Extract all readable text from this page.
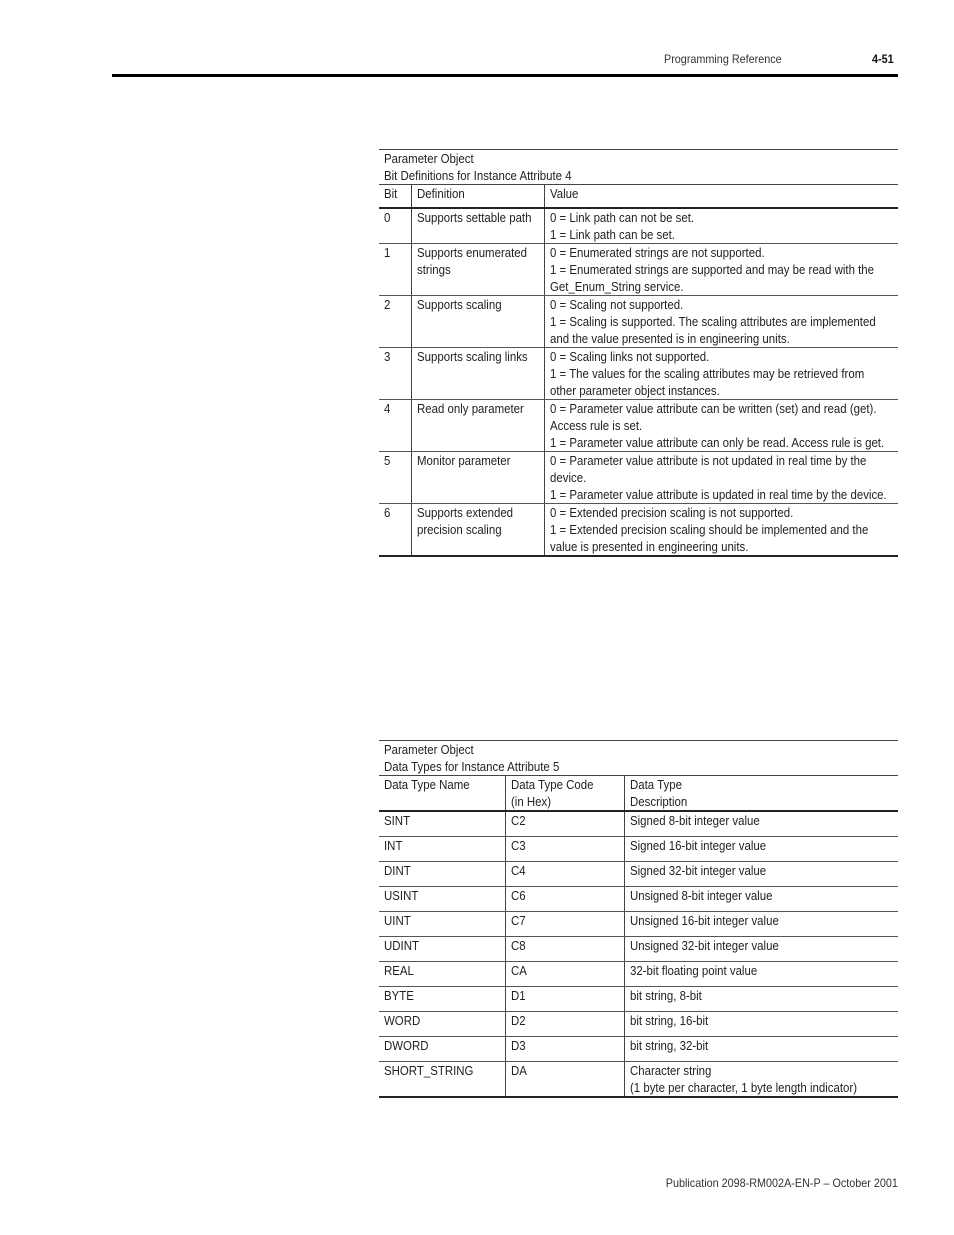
Programming Reference	4-51
Parameter Object Bit Definitions for Instance Attribute 4		
Bit	Definition	Value
0	Supports settable path	0 = Link path can not be set.1 = Link path can be set.
1	Supports enumerated strings	0 = Enumerated strings are not supported.1 = Enumerated strings are supported and may be read with the Get_Enum_String service.
2	Supports scaling	0 = Scaling not supported.1 = Scaling is supported. The scaling attributes are implemented and the value presented is in engineering units.
3	Supports scaling links	0 = Scaling links not supported.1 = The values for the scaling attributes may be retrieved from other parameter object instances.
4	Read only parameter	0 = Parameter value attribute can be written (set) and read (get). Access rule is set.1 = Parameter value attribute can only be read. Access rule is get.
5	Monitor parameter	0 = Parameter value attribute is not updated in real time by the device.1 = Parameter value attribute is updated in real time by the device.
6	Supports extended precision scaling	0 = Extended precision scaling is not supported.1 = Extended precision scaling should be implemented and the value is presented in engineering units.
Parameter Object Data Types for Instance Attribute 5		
Data Type Name	Data Type Code (in Hex)	Data Type Description
SINT	C2	Signed 8-bit integer value
INT	C3	Signed 16-bit integer value
DINT	C4	Signed 32-bit integer value
USINT	C6	Unsigned 8-bit integer value
UINT	C7	Unsigned 16-bit integer value
UDINT	C8	Unsigned 32-bit integer value
REAL	CA	32-bit floating point value
BYTE	D1	bit string, 8-bit
WORD	D2	bit string, 16-bit
DWORD	D3	bit string, 32-bit
SHORT_STRING	DA	Character string(1 byte per character, 1 byte length indicator)
Publication 2098-RM002A-EN-P – October 2001
